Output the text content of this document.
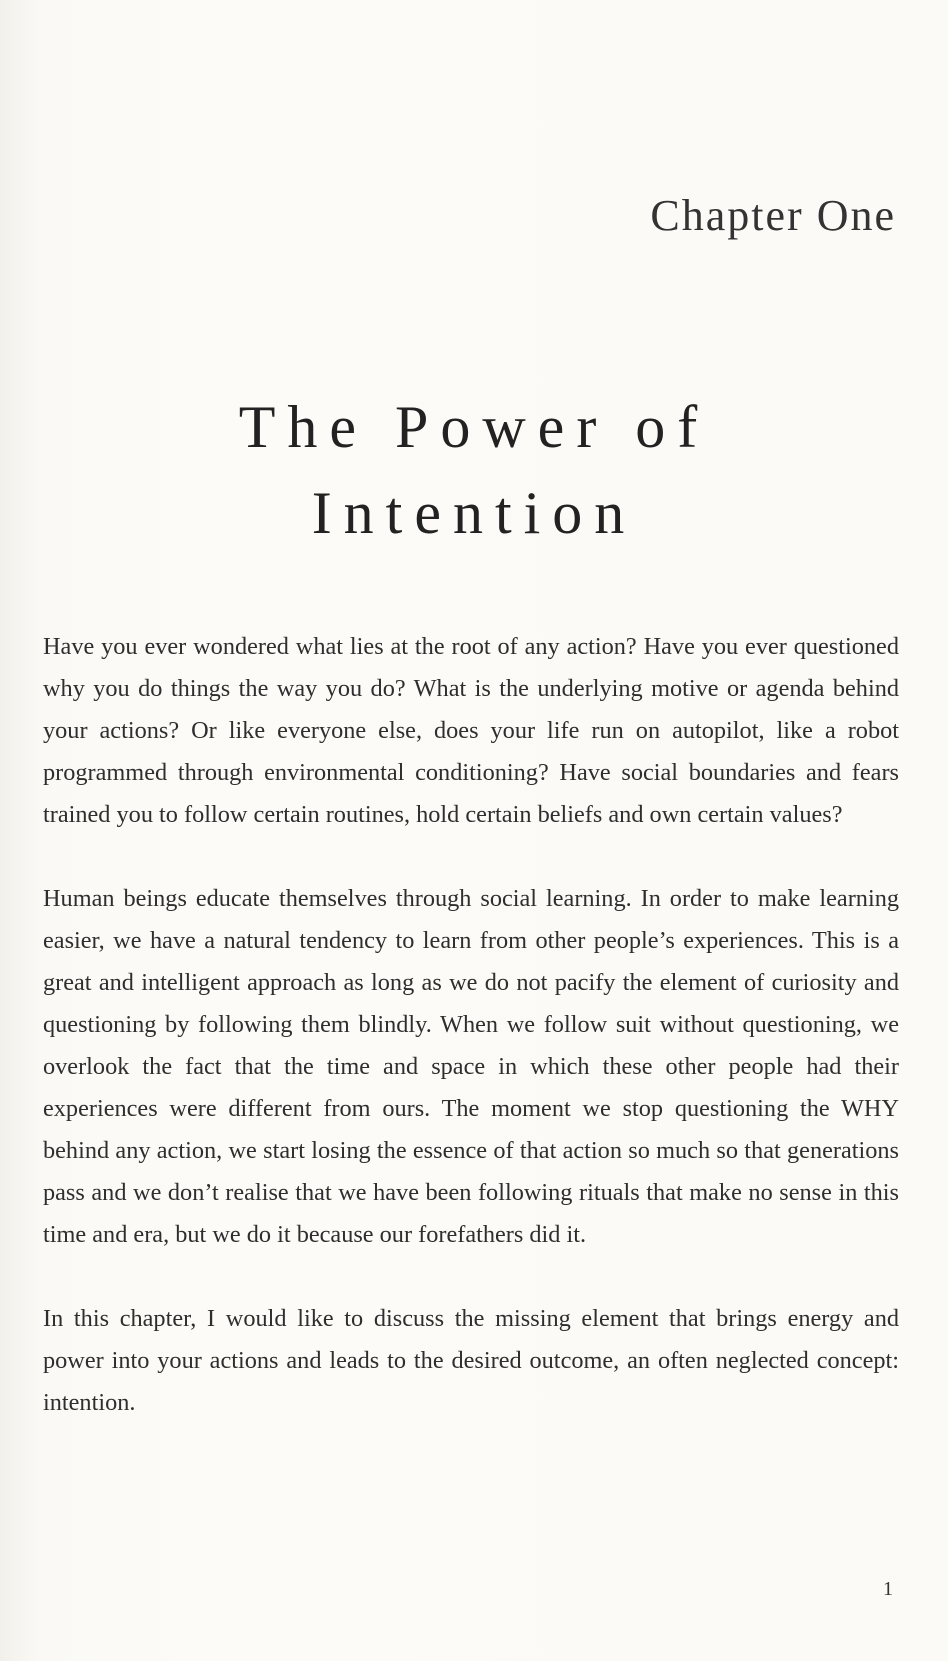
Chapter One
The Power of
Intention

Have you ever wondered what lies at the root of any action? Have you ever questioned why you do things the way you do? What is the underlying motive or agenda behind your actions? Or like everyone else, does your life run on autopilot, like a robot programmed through environmental conditioning? Have social boundaries and fears trained you to follow certain routines, hold certain beliefs and own certain values?

Human beings educate themselves through social learning. In order to make learning easier, we have a natural tendency to learn from other people’s experiences. This is a great and intelligent approach as long as we do not pacify the element of curiosity and questioning by following them blindly. When we follow suit without questioning, we overlook the fact that the time and space in which these other people had their experiences were different from ours. The moment we stop questioning the WHY behind any action, we start losing the essence of that action so much so that generations pass and we don’t realise that we have been following rituals that make no sense in this time and era, but we do it because our forefathers did it.

In this chapter, I would like to discuss the missing element that brings energy and power into your actions and leads to the desired outcome, an often neglected concept: intention.

1
